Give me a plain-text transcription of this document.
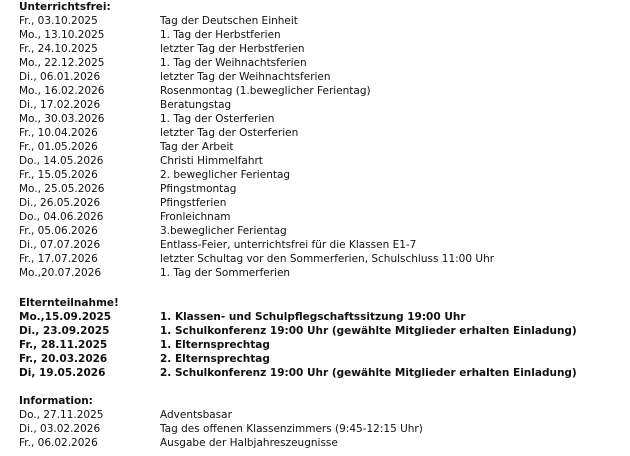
Unterrichtsfrei:
Fr., 03.10.2025	Tag der Deutschen Einheit
Mo., 13.10.2025	1. Tag der Herbstferien
Fr., 24.10.2025	letzter Tag der Herbstferien
Mo., 22.12.2025	1. Tag der Weihnachtsferien
Di., 06.01.2026	letzter Tag der Weihnachtsferien
Mo., 16.02.2026	Rosenmontag (1.beweglicher Ferientag)
Di., 17.02.2026	Beratungstag
Mo., 30.03.2026	1. Tag der Osterferien
Fr., 10.04.2026	letzter Tag der Osterferien
Fr., 01.05.2026	Tag der Arbeit
Do., 14.05.2026	Christi Himmelfahrt
Fr., 15.05.2026	2. beweglicher Ferientag
Mo., 25.05.2026	Pfingstmontag
Di., 26.05.2026	Pfingstferien
Do., 04.06.2026	Fronleichnam
Fr., 05.06.2026	3.beweglicher Ferientag
Di., 07.07.2026	Entlass-Feier, unterrichtsfrei für die Klassen E1-7
Fr., 17.07.2026	letzter Schultag vor den Sommerferien, Schulschluss 11:00 Uhr
Mo.,20.07.2026	1. Tag der Sommerferien
Elternteilnahme!
Mo.,15.09.2025	1. Klassen- und Schulpflegschaftssitzung 19:00 Uhr
Di., 23.09.2025	1. Schulkonferenz 19:00 Uhr (gewählte Mitglieder erhalten Einladung)
Fr., 28.11.2025	1. Elternsprechtag
Fr., 20.03.2026	2. Elternsprechtag
Di, 19.05.2026	2. Schulkonferenz 19:00 Uhr (gewählte Mitglieder erhalten Einladung)
Information:
Do., 27.11.2025	Adventsbasar
Di., 03.02.2026	Tag des offenen Klassenzimmers (9:45-12:15 Uhr)
Fr., 06.02.2026	Ausgabe der Halbjahreszeugnisse
